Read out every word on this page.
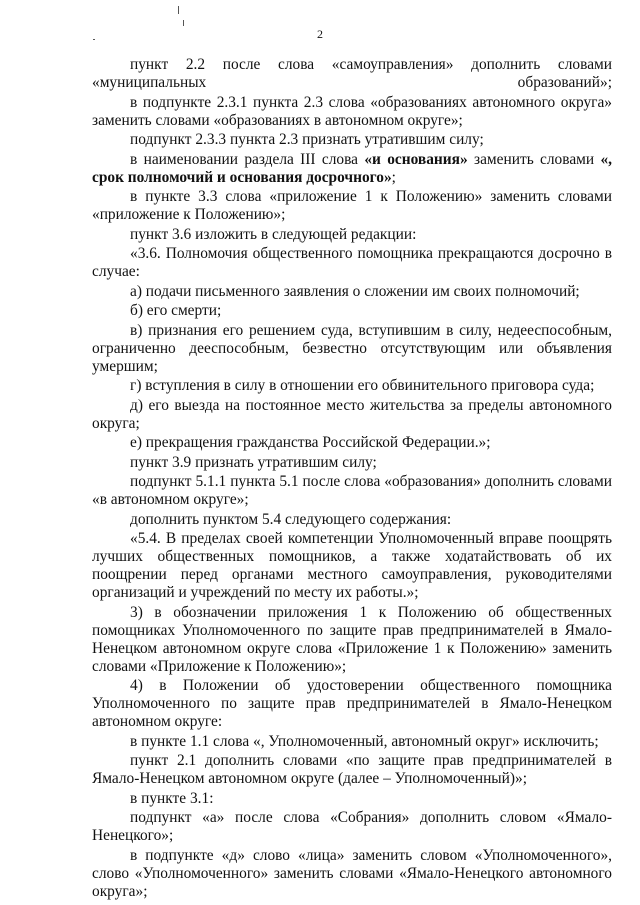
2

пункт 2.2 после слова «самоуправления» дополнить словами «муниципальных образований»;

в подпункте 2.3.1 пункта 2.3 слова «образованиях автономного округа» заменить словами «образованиях в автономном округе»;

подпункт 2.3.3 пункта 2.3 признать утратившим силу;

в наименовании раздела III слова «и основания» заменить словами «, срок полномочий и основания досрочного»;

в пункте 3.3 слова «приложение 1 к Положению» заменить словами «приложение к Положению»;

пункт 3.6 изложить в следующей редакции:

«3.6. Полномочия общественного помощника прекращаются досрочно в случае:

а) подачи письменного заявления о сложении им своих полномочий;

б) его смерти;

в) признания его решением суда, вступившим в силу, недееспособным, ограниченно дееспособным, безвестно отсутствующим или объявления умершим;

г) вступления в силу в отношении его обвинительного приговора суда;

д) его выезда на постоянное место жительства за пределы автономного округа;

е) прекращения гражданства Российской Федерации.»;

пункт 3.9 признать утратившим силу;

подпункт 5.1.1 пункта 5.1 после слова «образования» дополнить словами «в автономном округе»;

дополнить пунктом 5.4 следующего содержания:

«5.4. В пределах своей компетенции Уполномоченный вправе поощрять лучших общественных помощников, а также ходатайствовать об их поощрении перед органами местного самоуправления, руководителями организаций и учреждений по месту их работы.»;

3) в обозначении приложения 1 к Положению об общественных помощниках Уполномоченного по защите прав предпринимателей в Ямало-Ненецком автономном округе слова «Приложение 1 к Положению» заменить словами «Приложение к Положению»;

4) в Положении об удостоверении общественного помощника Уполномоченного по защите прав предпринимателей в Ямало-Ненецком автономном округе:

в пункте 1.1 слова «, Уполномоченный, автономный округ» исключить;

пункт 2.1 дополнить словами «по защите прав предпринимателей в Ямало-Ненецком автономном округе (далее – Уполномоченный)»;

в пункте 3.1:

подпункт «а» после слова «Собрания» дополнить словом «Ямало-Ненецкого»;

в подпункте «д» слово «лица» заменить словом «Уполномоченного», слово «Уполномоченного» заменить словами «Ямало-Ненецкого автономного округа»;
